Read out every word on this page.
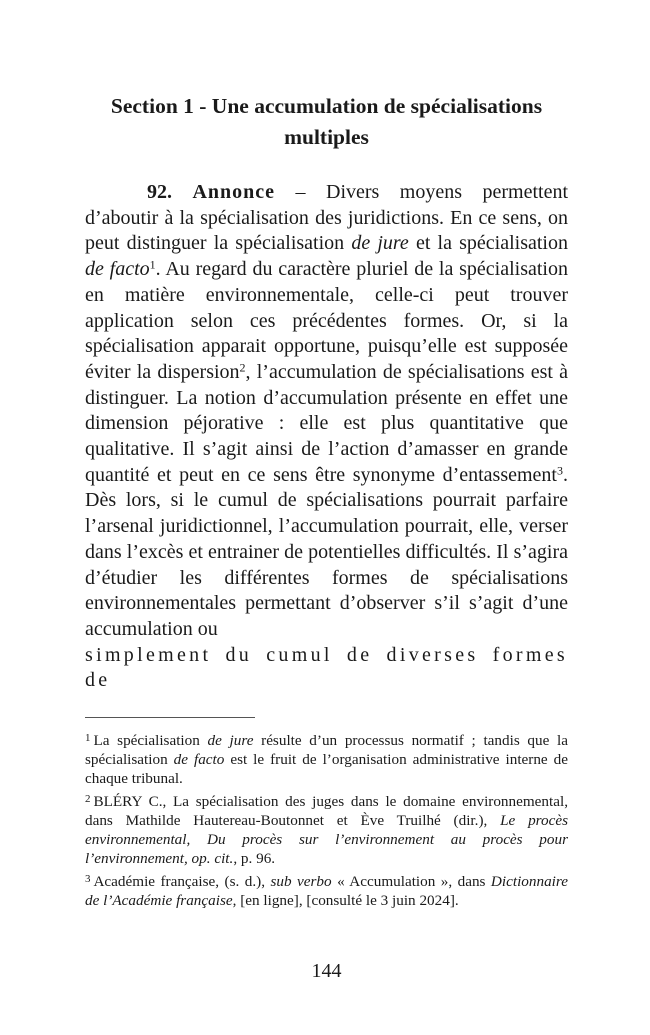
Section 1 - Une accumulation de spécialisations
multiples

92. Annonce – Divers moyens permettent d’aboutir à la spécialisation des juridictions. En ce sens, on peut distinguer la spécialisation de jure et la spécialisation de facto$^1$. Au regard du caractère pluriel de la spécialisation en matière environnementale, celle-ci peut trouver application selon ces précédentes formes. Or, si la spécialisation apparait opportune, puisqu’elle est supposée éviter la dispersion$^2$, l’accumulation de spécialisations est à distinguer. La notion d’accumulation présente en effet une dimension péjorative : elle est plus quantitative que qualitative. Il s’agit ainsi de l’action d’amasser en grande quantité et peut en ce sens être synonyme d’entassement$^3$. Dès lors, si le cumul de spécialisations pourrait parfaire l’arsenal juridictionnel, l’accumulation pourrait, elle, verser dans l’excès et entrainer de potentielles difficultés. Il s’agira d’étudier les différentes formes de spécialisations environnementales permettant d’observer s’il s’agit d’une accumulation ou

simplement du cumul de diverses formes de

$^1$ La spécialisation de jure résulte d’un processus normatif ; tandis que la spécialisation de facto est le fruit de l’organisation administrative interne de chaque tribunal.

$^2$ BLÉRY C., La spécialisation des juges dans le domaine environnemental, dans Mathilde Hautereau-Boutonnet et Ève Truilhé (dir.), Le procès environnemental, Du procès sur l’environnement au procès pour l’environnement, op. cit., p. 96.

$^3$ Académie française, (s. d.), sub verbo « Accumulation », dans Dictionnaire de l’Académie française, [en ligne], [consulté le 3 juin 2024].

144
